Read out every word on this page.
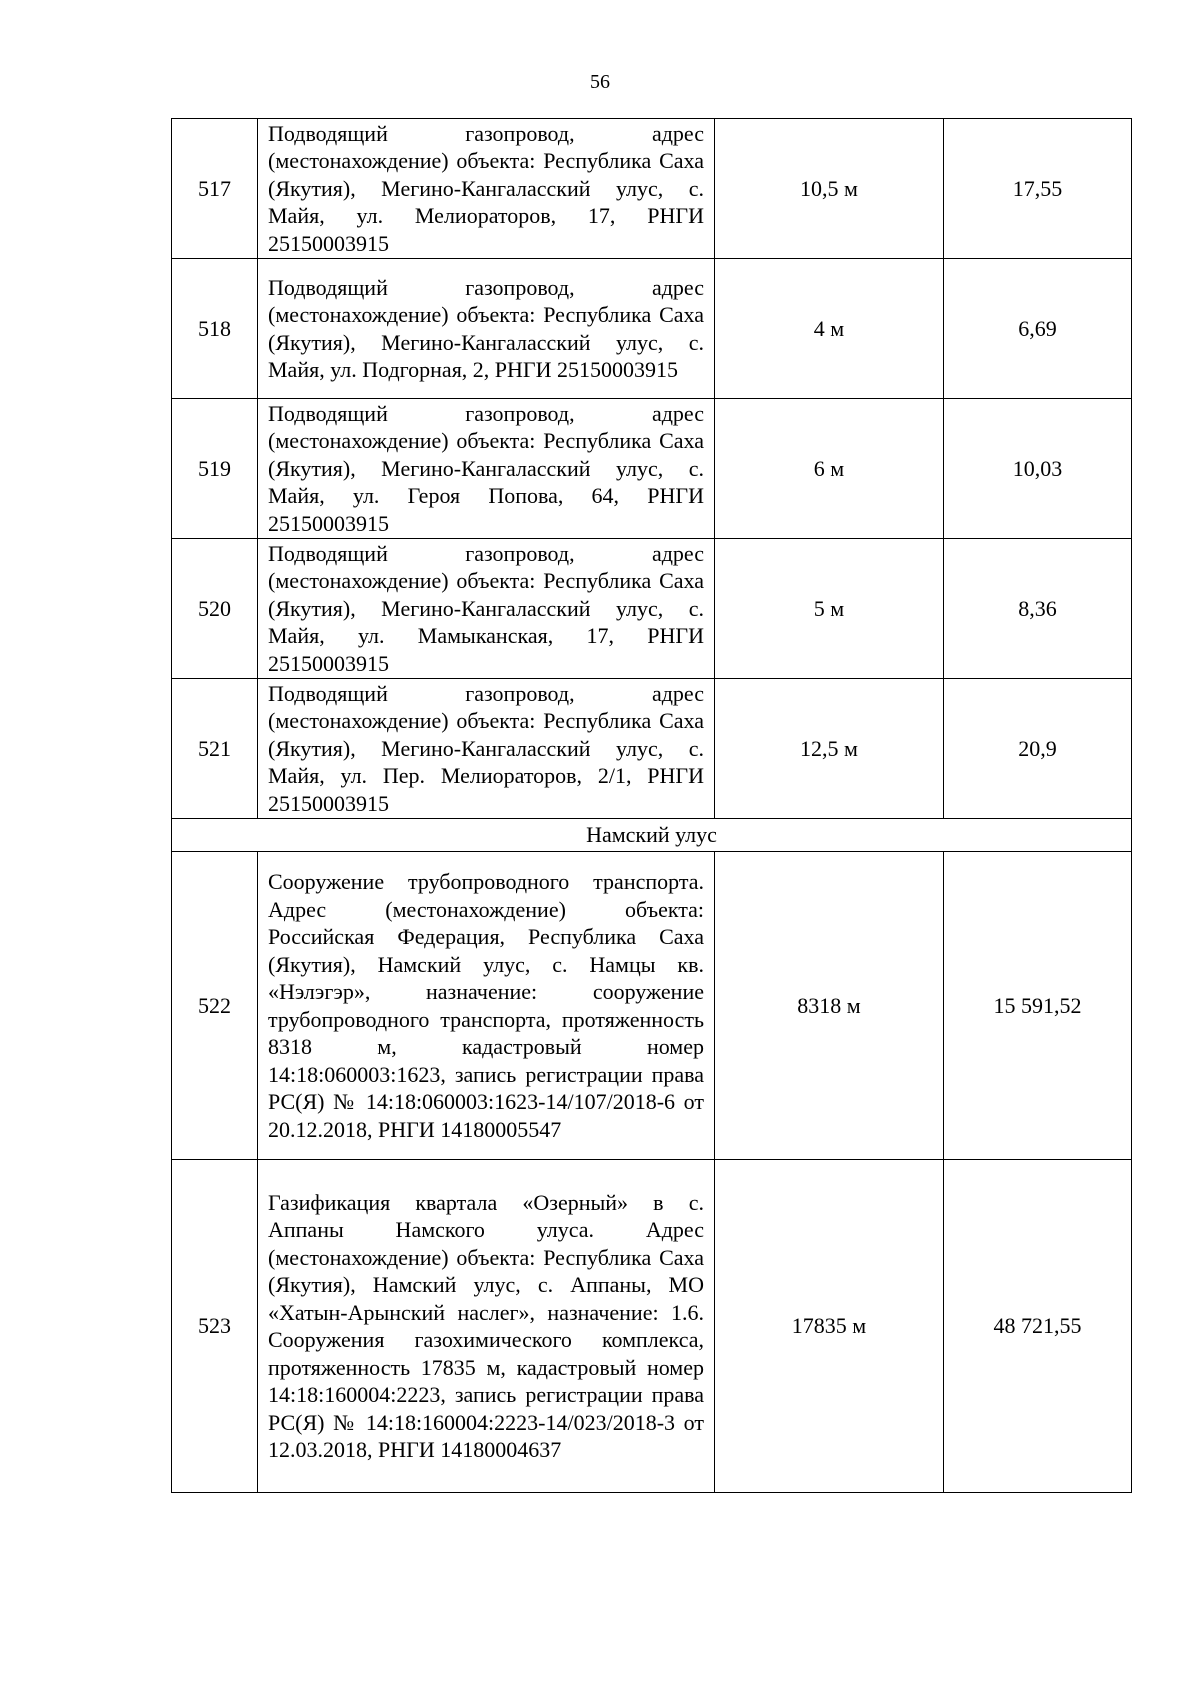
56
517	Подводящий газопровод, адрес (местонахождение) объекта: Республика Саха (Якутия), Мегино-Кангаласский улус, с. Майя, ул. Мелиораторов, 17, РНГИ 25150003915	10,5 м	17,55
518	Подводящий газопровод, адрес (местонахождение) объекта: Республика Саха (Якутия), Мегино-Кангаласский улус, с. Майя, ул. Подгорная, 2, РНГИ 25150003915	4 м	6,69
519	Подводящий газопровод, адрес (местонахождение) объекта: Республика Саха (Якутия), Мегино-Кангаласский улус, с. Майя, ул. Героя Попова, 64, РНГИ 25150003915	6 м	10,03
520	Подводящий газопровод, адрес (местонахождение) объекта: Республика Саха (Якутия), Мегино-Кангаласский улус, с. Майя, ул. Мамыканская, 17, РНГИ 25150003915	5 м	8,36
521	Подводящий газопровод, адрес (местонахождение) объекта: Республика Саха (Якутия), Мегино-Кангаласский улус, с. Майя, ул. Пер. Мелиораторов, 2/1, РНГИ 25150003915	12,5 м	20,9
Намский улус			
522	Сооружение трубопроводного транспорта. Адрес (местонахождение) объекта: Российская Федерация, Республика Саха (Якутия), Намский улус, с. Намцы кв. «Нэлэгэр», назначение: сооружение трубопроводного транспорта, протяженность 8318 м, кадастровый номер 14:18:060003:1623, запись регистрации права РС(Я) № 14:18:060003:1623-14/107/2018-6 от 20.12.2018, РНГИ 14180005547	8318 м	15 591,52
523	Газификация квартала «Озерный» в с. Аппаны Намского улуса. Адрес (местонахождение) объекта: Республика Саха (Якутия), Намский улус, с. Аппаны, МО «Хатын-Арынский наслег», назначение: 1.6. Сооружения газохимического комплекса, протяженность 17835 м, кадастровый номер 14:18:160004:2223, запись регистрации права РС(Я) № 14:18:160004:2223-14/023/2018-3 от 12.03.2018, РНГИ 14180004637	17835 м	48 721,55
